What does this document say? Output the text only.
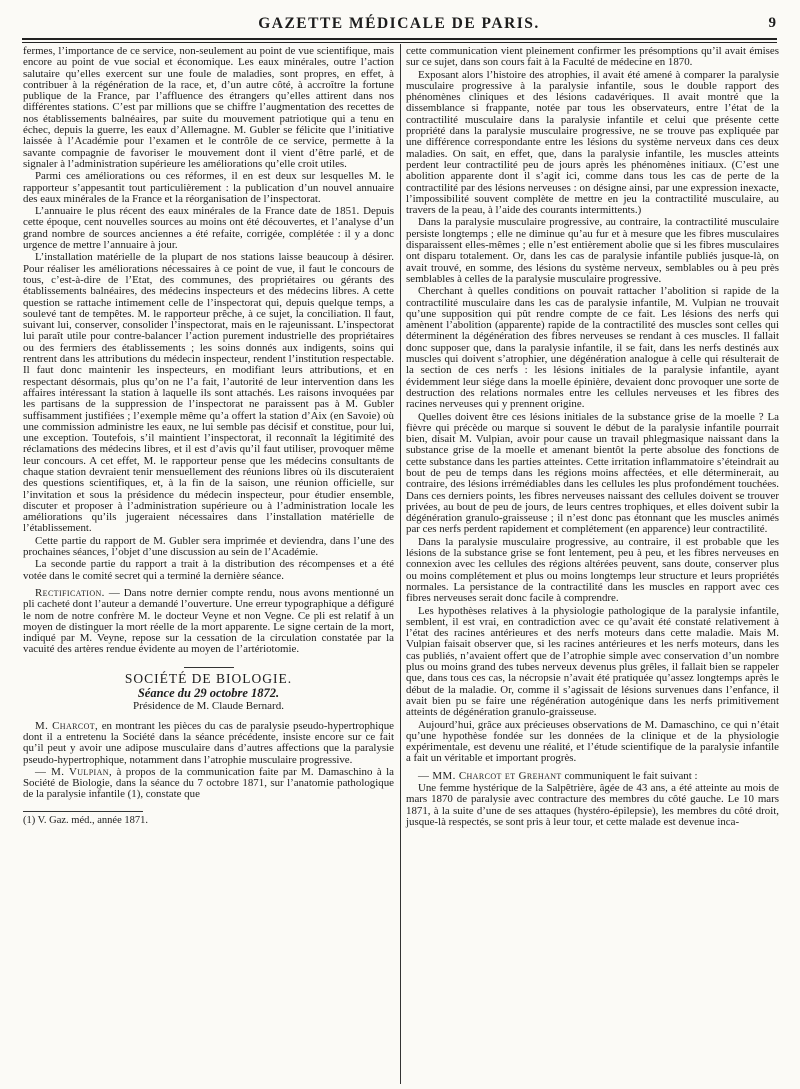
GAZETTE MÉDICALE DE PARIS.	9

fermes, l’importance de ce service, non-seulement au point de vue scientifique, mais encore au point de vue social et économique. Les eaux minérales, outre l’action salutaire qu’elles exercent sur une foule de maladies, sont propres, en effet, à contribuer à la régénération de la race, et, d’un autre côté, à accroître la fortune publique de la France, par l’affluence des étrangers qu’elles attirent dans nos différentes stations. C’est par millions que se chiffre l’augmentation des recettes de nos établissements balnéaires, par suite du mouvement patriotique qui a tenu en échec, depuis la guerre, les eaux d’Allemagne. M. Gubler se félicite que l’initiative laissée à l’Académie pour l’examen et le contrôle de ce service, permette à la savante compagnie de favoriser le mouvement dont il vient d’être parlé, et de signaler à l’administration supérieure les améliorations qu’elle croit utiles.

Parmi ces améliorations ou ces réformes, il en est deux sur lesquelles M. le rapporteur s’appesantit tout particulièrement : la publication d’un nouvel annuaire des eaux minérales de la France et la réorganisation de l’inspectorat.

L’annuaire le plus récent des eaux minérales de la France date de 1851. Depuis cette époque, cent nouvelles sources au moins ont été découvertes, et l’analyse d’un grand nombre de sources anciennes a été refaite, corrigée, complétée : il y a donc urgence de mettre l’annuaire à jour.

L’installation matérielle de la plupart de nos stations laisse beaucoup à désirer. Pour réaliser les améliorations nécessaires à ce point de vue, il faut le concours de tous, c’est-à-dire de l’Etat, des communes, des propriétaires ou gérants des établissements balnéaires, des médecins inspecteurs et des médecins libres. A cette question se rattache intimement celle de l’inspectorat qui, depuis quelque temps, a soulevé tant de tempêtes. M. le rapporteur prêche, à ce sujet, la conciliation. Il faut, suivant lui, conserver, consolider l’inspectorat, mais en le rajeunissant. L’inspectorat lui paraît utile pour contre-balancer l’action purement industrielle des propriétaires ou des fermiers des établissements ; les soins donnés aux indigents, soins qui rentrent dans les attributions du médecin inspecteur, rendent l’institution respectable. Il faut donc maintenir les inspecteurs, en modifiant leurs attributions, et en respectant désormais, plus qu’on ne l’a fait, l’autorité de leur intervention dans les affaires intéressant la station à laquelle ils sont attachés. Les raisons invoquées par les partisans de la suppression de l’inspectorat ne paraissent pas à M. Gubler suffisamment justifiées ; l’exemple même qu’a offert la station d’Aix (en Savoie) où une commission administre les eaux, ne lui semble pas décisif et constitue, pour lui, une exception. Toutefois, s’il maintient l’inspectorat, il reconnaît la légitimité des réclamations des médecins libres, et il est d’avis qu’il faut utiliser, provoquer même leur concours. A cet effet, M. le rapporteur pense que les médecins consultants de chaque station devraient tenir mensuellement des réunions libres où ils discuteraient des questions scientifiques, et, à la fin de la saison, une réunion officielle, sur l’invitation et sous la présidence du médecin inspecteur, pour étudier ensemble, discuter et proposer à l’administration supérieure ou à l’administration locale les améliorations qu’ils jugeraient nécessaires dans l’installation matérielle de l’établissement.

Cette partie du rapport de M. Gubler sera imprimée et deviendra, dans l’une des prochaines séances, l’objet d’une discussion au sein de l’Académie.

La seconde partie du rapport a trait à la distribution des récompenses et a été votée dans le comité secret qui a terminé la dernière séance.

Rectification. — Dans notre dernier compte rendu, nous avons mentionné un pli cacheté dont l’auteur a demandé l’ouverture. Une erreur typographique a défiguré le nom de notre confrère M. le docteur Veyne et non Vegne. Ce pli est relatif à un moyen de distinguer la mort réelle de la mort apparente. Le signe certain de la mort, indiqué par M. Veyne, repose sur la cessation de la circulation constatée par la vacuité des artères rendue évidente au moyen de l’artériotomie.

SOCIÉTÉ DE BIOLOGIE.
Séance du 29 octobre 1872.
Présidence de M. Claude Bernard.

M. Charcot, en montrant les pièces du cas de paralysie pseudo-hypertrophique dont il a entretenu la Société dans la séance précédente, insiste encore sur ce fait qu’il peut y avoir une adipose musculaire dans d’autres affections que la paralysie pseudo-hypertrophique, notamment dans l’atrophie musculaire progressive.

— M. Vulpian, à propos de la communication faite par M. Damaschino à la Société de Biologie, dans la séance du 7 octobre 1871, sur l’anatomie pathologique de la paralysie infantile (1), constate que

(1) V. Gaz. méd., année 1871.

cette communication vient pleinement confirmer les présomptions qu’il avait émises sur ce sujet, dans son cours fait à la Faculté de médecine en 1870.

Exposant alors l’histoire des atrophies, il avait été amené à comparer la paralysie musculaire progressive à la paralysie infantile, sous le double rapport des phénomènes cliniques et des lésions cadavériques. Il avait montré que la dissemblance si frappante, notée par tous les observateurs, entre l’état de la contractilité musculaire dans la paralysie infantile et celui que présente cette propriété dans la paralysie musculaire progressive, ne se trouve pas expliquée par une différence correspondante entre les lésions du système nerveux dans ces deux maladies. On sait, en effet, que, dans la paralysie infantile, les muscles atteints perdent leur contractilité peu de jours après les phénomènes initiaux. (C’est une abolition apparente dont il s’agit ici, comme dans tous les cas de perte de la contractilité par des lésions nerveuses : on désigne ainsi, par une expression inexacte, l’impossibilité souvent complète de mettre en jeu la contractilité musculaire, au travers de la peau, à l’aide des courants intermittents.)

Dans la paralysie musculaire progressive, au contraire, la contractilité musculaire persiste longtemps ; elle ne diminue qu’au fur et à mesure que les fibres musculaires disparaissent elles-mêmes ; elle n’est entièrement abolie que si les fibres musculaires ont disparu totalement. Or, dans les cas de paralysie infantile publiés jusque-là, on avait trouvé, en somme, des lésions du système nerveux, semblables ou à peu près semblables à celles de la paralysie musculaire progressive.

Cherchant à quelles conditions on pouvait rattacher l’abolition si rapide de la contractilité musculaire dans les cas de paralysie infantile, M. Vulpian ne trouvait qu’une supposition qui pût rendre compte de ce fait. Les lésions des nerfs qui amènent l’abolition (apparente) rapide de la contractilité des muscles sont celles qui déterminent la dégénération des fibres nerveuses se rendant à ces muscles. Il fallait donc supposer que, dans la paralysie infantile, il se fait, dans les nerfs destinés aux muscles qui doivent s’atrophier, une dégénération analogue à celle qui résulterait de la section de ces nerfs : les lésions initiales de la paralysie infantile, ayant évidemment leur siége dans la moelle épinière, devaient donc provoquer une sorte de destruction des relations normales entre les cellules nerveuses et les fibres des racines nerveuses qui y prennent origine.

Quelles doivent être ces lésions initiales de la substance grise de la moelle ? La fièvre qui précède ou marque si souvent le début de la paralysie infantile pourrait bien, disait M. Vulpian, avoir pour cause un travail phlegmasique naissant dans la substance grise de la moelle et amenant bientôt la perte absolue des fonctions de cette substance dans les parties atteintes. Cette irritation inflammatoire s’éteindrait au bout de peu de temps dans les régions moins affectées, et elle déterminerait, au contraire, des lésions irrémédiables dans les cellules les plus profondément touchées. Dans ces derniers points, les fibres nerveuses naissant des cellules doivent se trouver privées, au bout de peu de jours, de leurs centres trophiques, et elles doivent subir la dégénération granulo-graisseuse ; il n’est donc pas étonnant que les muscles animés par ces nerfs perdent rapidement et complétement (en apparence) leur contractilité.

Dans la paralysie musculaire progressive, au contraire, il est probable que les lésions de la substance grise se font lentement, peu à peu, et les fibres nerveuses en connexion avec les cellules des régions altérées peuvent, sans doute, conserver plus ou moins complétement et plus ou moins longtemps leur structure et leurs propriétés normales. La persistance de la contractilité dans les muscles en rapport avec ces fibres nerveuses serait donc facile à comprendre.

Les hypothèses relatives à la physiologie pathologique de la paralysie infantile, semblent, il est vrai, en contradiction avec ce qu’avait été constaté relativement à l’état des racines antérieures et des nerfs moteurs dans cette maladie. Mais M. Vulpian faisait observer que, si les racines antérieures et les nerfs moteurs, dans les cas publiés, n’avaient offert que de l’atrophie simple avec conservation d’un nombre plus ou moins grand des tubes nerveux devenus plus grêles, il fallait bien se rappeler que, dans tous ces cas, la nécropsie n’avait été pratiquée qu’assez longtemps après le début de la maladie. Or, comme il s’agissait de lésions survenues dans l’enfance, il avait bien pu se faire une régénération autogénique dans les nerfs primitivement atteints de dégénération granulo-graisseuse.

Aujourd’hui, grâce aux précieuses observations de M. Damaschino, ce qui n’était qu’une hypothèse fondée sur les données de la clinique et de la physiologie expérimentale, est devenu une réalité, et l’étude scientifique de la paralysie infantile a fait un véritable et important progrès.

— MM. Charcot et Grehant communiquent le fait suivant :

Une femme hystérique de la Salpêtrière, âgée de 43 ans, a été atteinte au mois de mars 1870 de paralysie avec contracture des membres du côté gauche. Le 10 mars 1871, à la suite d’une de ses attaques (hystéro-épilepsie), les membres du côté droit, jusque-là respectés, se sont pris à leur tour, et cette malade est devenue inca-
